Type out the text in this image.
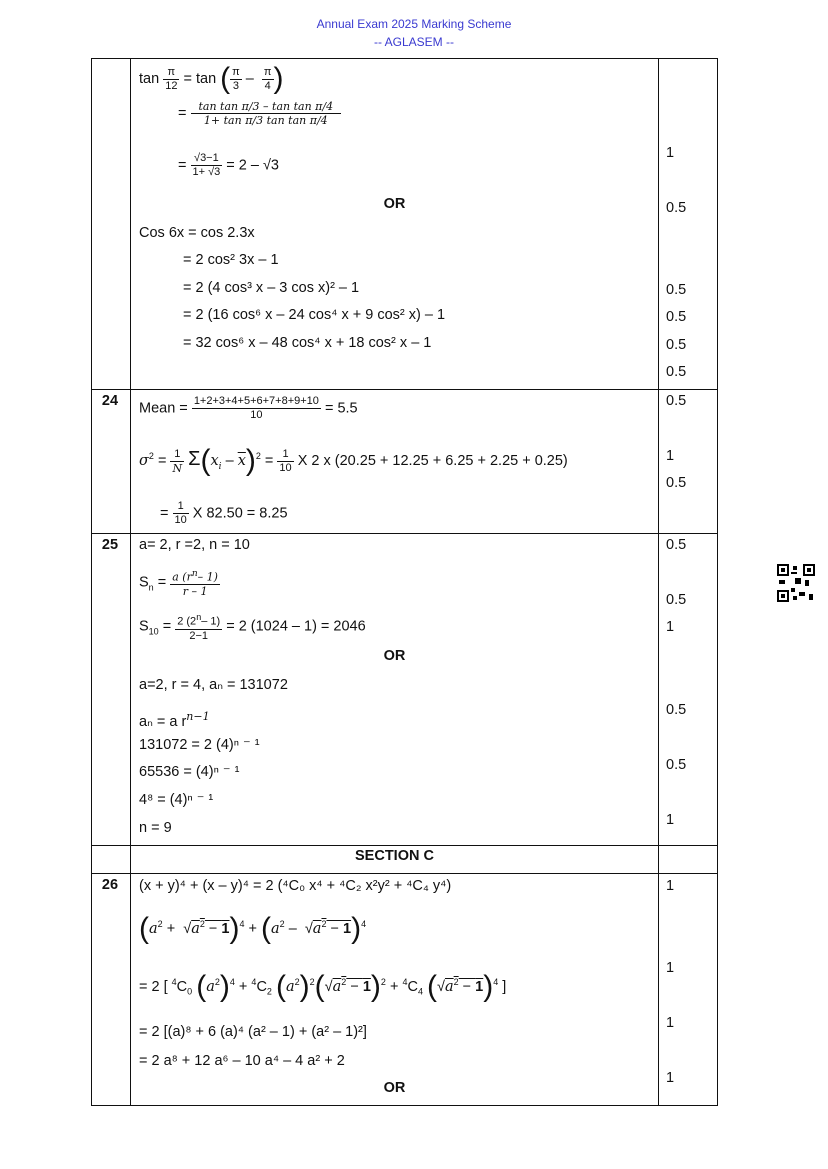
Annual Exam 2025 Marking Scheme
-- AGLASEM --
$\tan \frac{\pi}{12} = \tan$ ( $\frac{\pi}{3} - \frac{\pi}{4}$ )
= $\frac{\text{tan tan π/3 – tan tan π/4}}{\text{1+ tan π/3 tan tan π/4}}$
= $\frac{√3-1}{1+ √3} = 2 - √3$
OR
Cos 6x = cos 2.3x
= 2 cos² 3x – 1
= 2 (4 cos³ x – 3 cos x)² – 1
= 2 (16 cos⁶ x – 24 cos⁴ x + 9 cos² x) – 1
= 32 cos⁶ x – 48 cos⁴ x + 18 cos² x – 1
1
0.5
0.5
0.5
0.5
0.5
24 Mean = $\frac{1+2+3+4+5+6+7+8+9+10}{10} = 5.5$
$\sigma^2 = \frac{1}{N} \Sigma(x_i - \overline{x})^2 = \frac{1}{10}$ X 2 x (20.25 + 12.25 + 6.25 + 2.25 + 0.25)
= $\frac{1}{10}$ X 82.50 = 8.25
0.5
1
0.5
25 a= 2, r =2, n = 10
$S_n = \frac{a (r^n- 1)}{r - 1}$
$S_{10} = \frac{2 (2^n- 1)}{2-1} = 2$ (1024 – 1) = 2046
OR
a=2, r = 4, aₙ = 131072
aₙ = a $r^{n-1}$
131072 = 2 (4)ⁿ ⁻ ¹
65536 = (4)ⁿ ⁻ ¹
4⁸ = (4)ⁿ ⁻ ¹
n = 9
0.5
0.5
1
0.5
0.5
1
SECTION C
26 (x + y)⁴ + (x – y)⁴ = 2 (⁴C₀ x⁴ + ⁴C₂ x²y² + ⁴C₄ y⁴)
$(a^2 + √a^2 - 1)^4 + (a^2 - √a^2 - 1)^4$
= 2 [ $^4C_0$ $(a^2)^4 + ^4C_2$ $(a^2)^2(√a^2 - 1)^2 + ^4C_4$ $(√a^2 - 1)^4$ ]
= 2 [(a)⁸ + 6 (a)⁴ (a² – 1) + (a² – 1)²]
= 2 a⁸ + 12 a⁶ – 10 a⁴ – 4 a² + 2
OR
1
1
1
1
